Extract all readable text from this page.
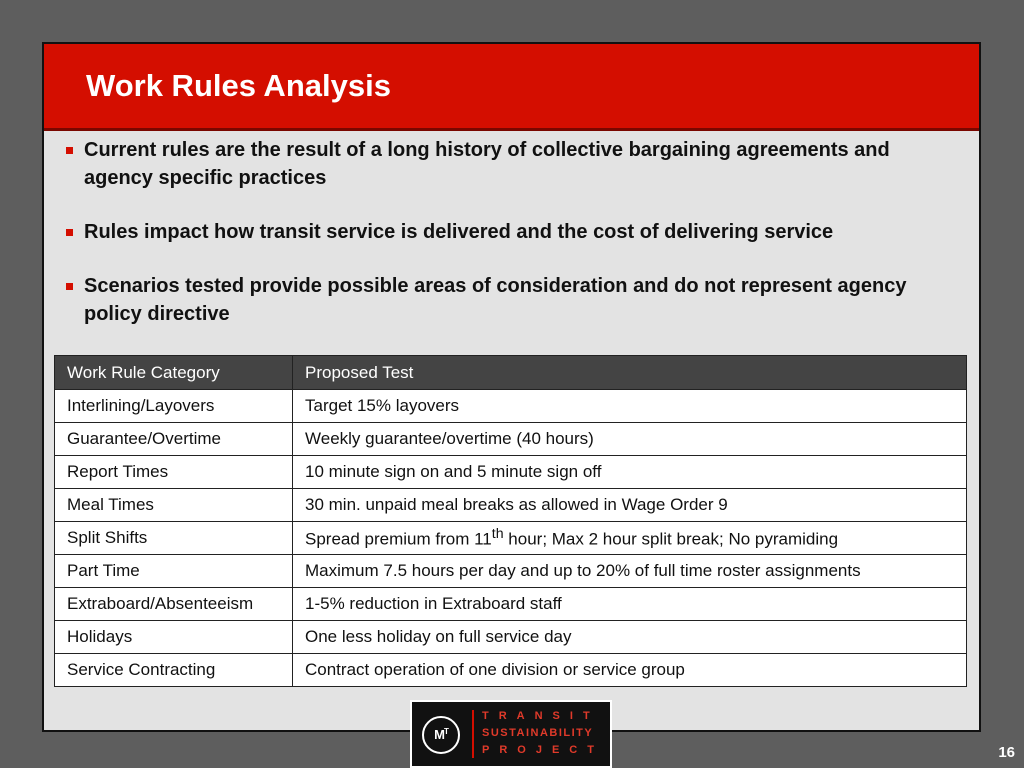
Work Rules Analysis
Current rules are the result of a long history of collective bargaining agreements and agency specific practices
Rules impact how transit service is delivered and the cost of delivering service
Scenarios tested provide possible areas of consideration and do not represent agency policy directive
Work Rule Category	Proposed Test
Interlining/Layovers	Target 15% layovers
Guarantee/Overtime	Weekly guarantee/overtime (40 hours)
Report Times	10 minute sign on and 5 minute sign off
Meal Times	30 min. unpaid meal breaks as allowed in Wage Order 9
Split Shifts	Spread premium from 11th hour; Max 2 hour split break; No pyramiding
Part Time	Maximum 7.5 hours per day and up to 20% of full time roster assignments
Extraboard/Absenteeism	1-5% reduction in Extraboard staff
Holidays	One less holiday on full service day
Service Contracting	Contract operation of one division or service group
$M^T$
TRANSIT
SUSTAINABILITY
PROJECT	16
